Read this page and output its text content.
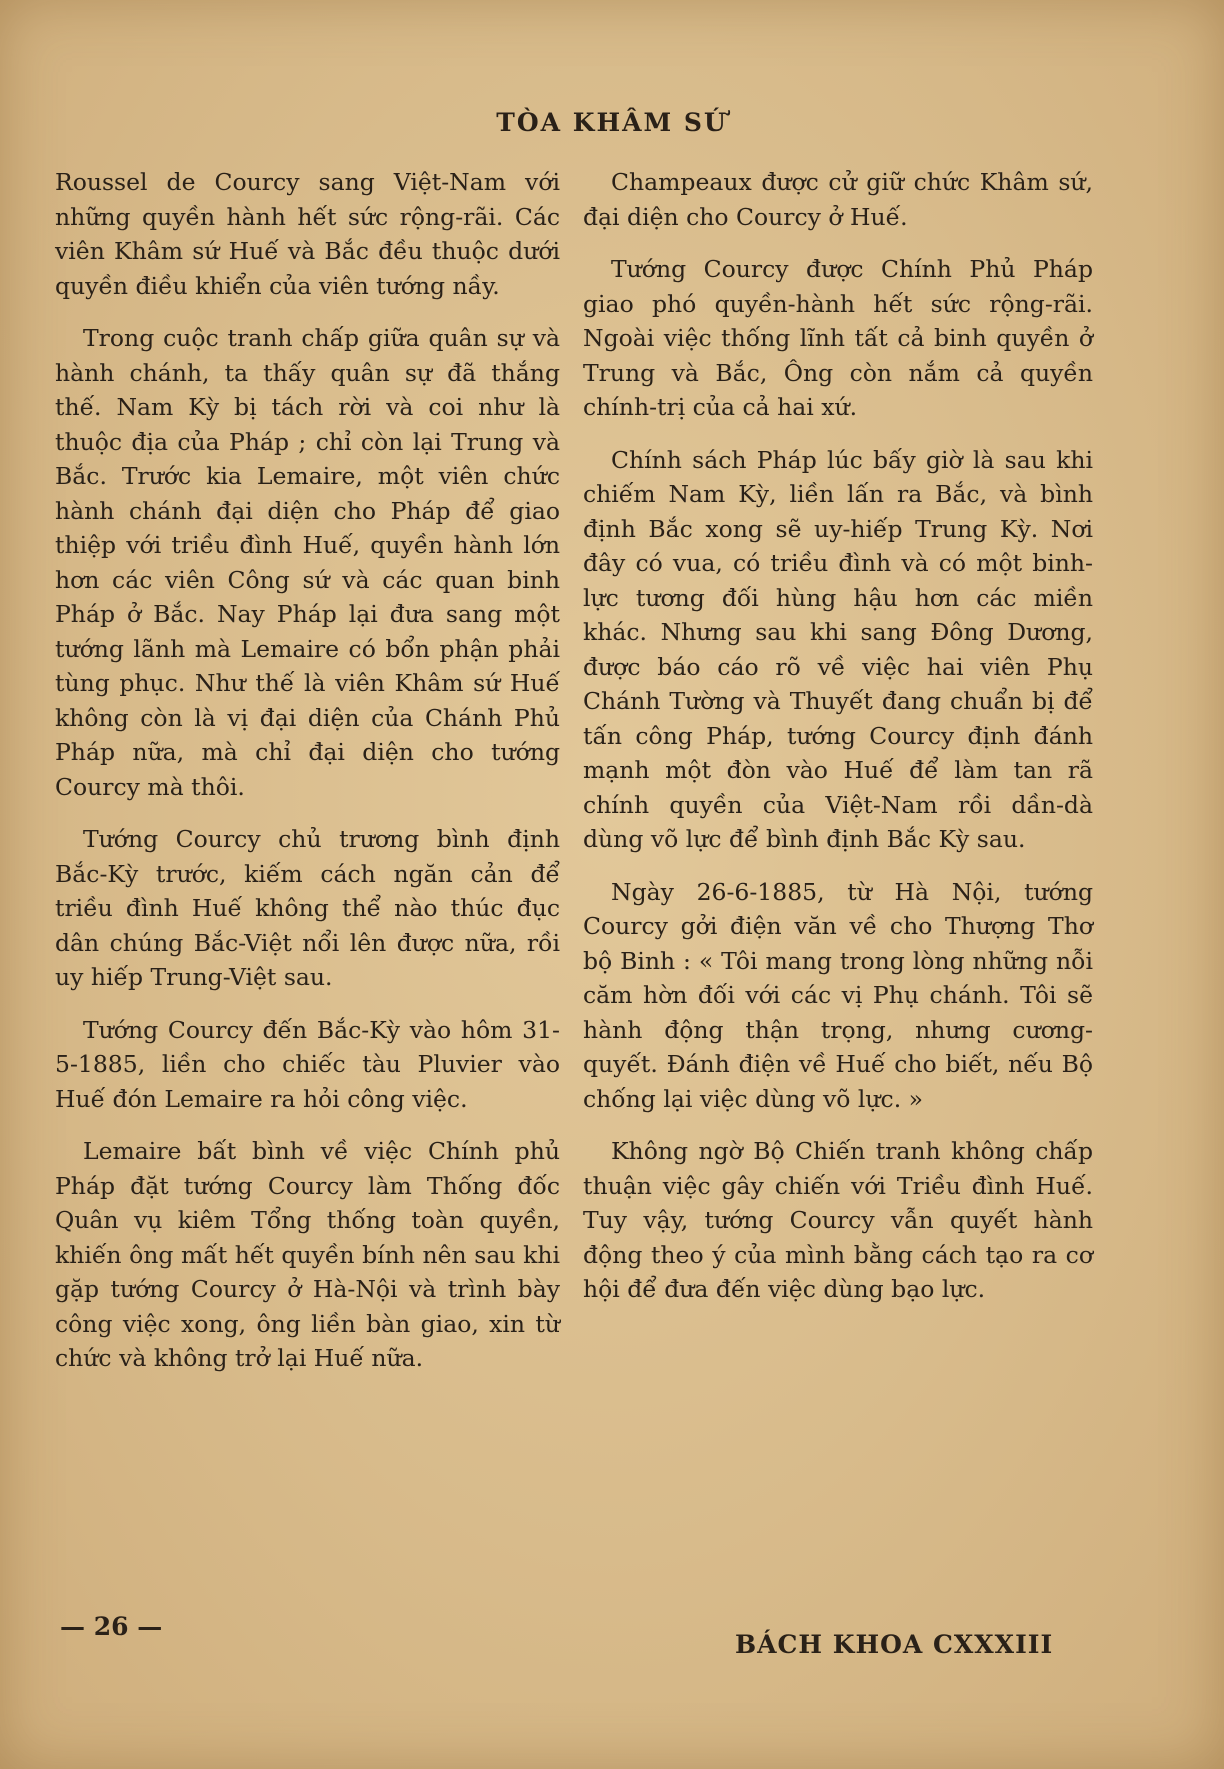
TÒA KHÂM SỨ

Roussel de Courcy sang Việt-Nam với những quyền hành hết sức rộng-rãi. Các viên Khâm sứ Huế và Bắc đều thuộc dưới quyền điều khiển của viên tướng nầy.

Trong cuộc tranh chấp giữa quân sự và hành chánh, ta thấy quân sự đã thắng thế. Nam Kỳ bị tách rời và coi như là thuộc địa của Pháp ; chỉ còn lại Trung và Bắc. Trước kia Lemaire, một viên chức hành chánh đại diện cho Pháp để giao thiệp với triều đình Huế, quyền hành lớn hơn các viên Công sứ và các quan binh Pháp ở Bắc. Nay Pháp lại đưa sang một tướng lãnh mà Lemaire có bổn phận phải tùng phục. Như thế là viên Khâm sứ Huế không còn là vị đại diện của Chánh Phủ Pháp nữa, mà chỉ đại diện cho tướng Courcy mà thôi.

Tướng Courcy chủ trương bình định Bắc-Kỳ trước, kiếm cách ngăn cản để triều đình Huế không thể nào thúc đục dân chúng Bắc-Việt nổi lên được nữa, rồi uy hiếp Trung-Việt sau.

Tướng Courcy đến Bắc-Kỳ vào hôm 31-5-1885, liền cho chiếc tàu Pluvier vào Huế đón Lemaire ra hỏi công việc.

Lemaire bất bình về việc Chính phủ Pháp đặt tướng Courcy làm Thống đốc Quân vụ kiêm Tổng thống toàn quyền, khiến ông mất hết quyền bính nên sau khi gặp tướng Courcy ở Hà-Nội và trình bày công việc xong, ông liền bàn giao, xin từ chức và không trở lại Huế nữa.

Champeaux được cử giữ chức Khâm sứ, đại diện cho Courcy ở Huế.

Tướng Courcy được Chính Phủ Pháp giao phó quyền-hành hết sức rộng-rãi. Ngoài việc thống lĩnh tất cả binh quyền ở Trung và Bắc, Ông còn nắm cả quyền chính-trị của cả hai xứ.

Chính sách Pháp lúc bấy giờ là sau khi chiếm Nam Kỳ, liền lấn ra Bắc, và bình định Bắc xong sẽ uy-hiếp Trung Kỳ. Nơi đây có vua, có triều đình và có một binh-lực tương đối hùng hậu hơn các miền khác. Nhưng sau khi sang Đông Dương, được báo cáo rõ về việc hai viên Phụ Chánh Tường và Thuyết đang chuẩn bị để tấn công Pháp, tướng Courcy định đánh mạnh một đòn vào Huế để làm tan rã chính quyền của Việt-Nam rồi dần-dà dùng võ lực để bình định Bắc Kỳ sau.

Ngày 26-6-1885, từ Hà Nội, tướng Courcy gởi điện văn về cho Thượng Thơ bộ Binh : « Tôi mang trong lòng những nỗi căm hờn đối với các vị Phụ chánh. Tôi sẽ hành động thận trọng, nhưng cương-quyết. Đánh điện về Huế cho biết, nếu Bộ chống lại việc dùng võ lực. »

Không ngờ Bộ Chiến tranh không chấp thuận việc gây chiến với Triều đình Huế. Tuy vậy, tướng Courcy vẫn quyết hành động theo ý của mình bằng cách tạo ra cơ hội để đưa đến việc dùng bạo lực.

— 26 —
BÁCH KHOA CXXXIII
